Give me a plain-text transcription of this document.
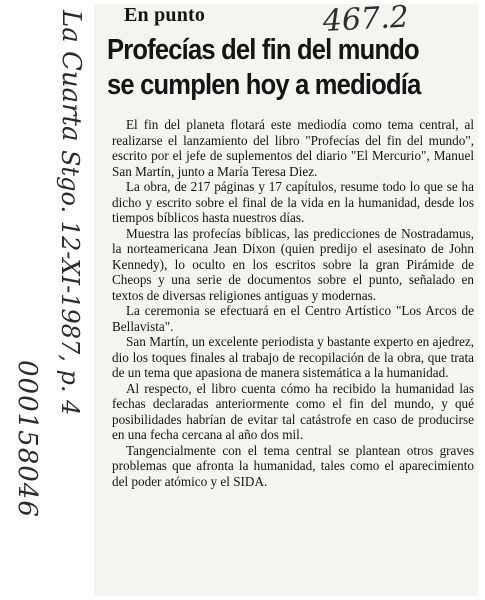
En punto	467.2
Profecías del fin del mundo
se cumplen hoy a mediodía

El fin del planeta flotará este mediodía como tema central, al realizarse el lanzamiento del libro "Profecías del fin del mundo", escrito por el jefe de suplementos del diario "El Mercurio", Manuel San Martín, junto a María Teresa Diez.

La obra, de 217 páginas y 17 capítulos, resume todo lo que se ha dicho y escrito sobre el final de la vida en la humanidad, desde los tiempos bíblicos hasta nuestros días.

Muestra las profecías bíblicas, las predicciones de Nostradamus, la norteamericana Jean Dixon (quien predijo el asesinato de John Kennedy), lo oculto en los escritos sobre la gran Pirámide de Cheops y una serie de documentos sobre el punto, señalado en textos de diversas religiones antiguas y modernas.

La ceremonia se efectuará en el Centro Artístico "Los Arcos de Bellavista".

San Martín, un excelente periodista y bastante experto en ajedrez, dio los toques finales al trabajo de recopilación de la obra, que trata de un tema que apasiona de manera sistemática a la humanidad.

Al respecto, el libro cuenta cómo ha recibido la humanidad las fechas declaradas anteriormente como el fin del mundo, y qué posibilidades habrían de evitar tal catástrofe en caso de producirse en una fecha cercana al año dos mil.

Tangencialmente con el tema central se plantean otros graves problemas que afronta la humanidad, tales como el aparecimiento del poder atómico y el SIDA.

La Cuarta
Stgo. 12-XI-1987, p. 4
000158046
